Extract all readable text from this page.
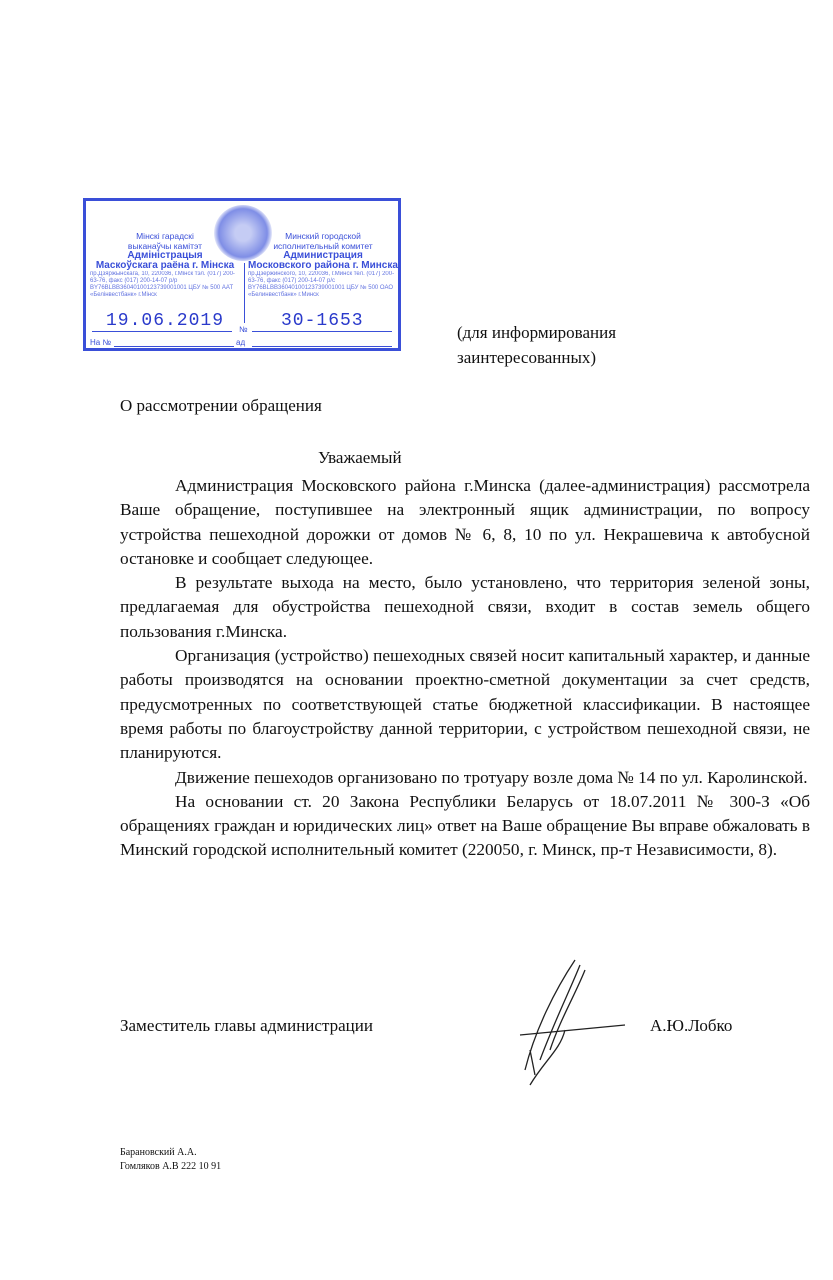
Мінскі гарадскі
выканаўчы камітэт
Адміністрацыя
Маскоўскага раёна г. Мінска
пр.Дзяржынскага, 10, 220036, г.Мінск тэл. (017) 200-63-76, факс (017) 200-14-07 р/р BY76BLBB36040100123739001001 ЦБУ № 500 ААТ «Белінвестбанк» г.Мінск
Минский городской
исполнительный комитет
Администрация
Московского района г. Минска
пр.Дзержинского, 10, 220036, г.Минск тел. (017) 200-63-76, факс (017) 200-14-07 р/с BY76BLBB36040100123739001001 ЦБУ № 500 ОАО «Белинвестбанк» г.Минск
19.06.2019 № 30-1653
На №	ад
(для информирования
заинтересованных)
О рассмотрении обращения
Уважаемый

Администрация Московского района г.Минска (далее-администрация) рассмотрела Ваше обращение, поступившее на электронный ящик администрации, по вопросу устройства пешеходной дорожки от домов № 6, 8, 10 по ул. Некрашевича к автобусной остановке и сообщает следующее.

В результате выхода на место, было установлено, что территория зеленой зоны, предлагаемая для обустройства пешеходной связи, входит в состав земель общего пользования г.Минска.

Организация (устройство) пешеходных связей носит капитальный характер, и данные работы производятся на основании проектно-сметной документации за счет средств, предусмотренных по соответствующей статье бюджетной классификации. В настоящее время работы по благоустройству данной территории, с устройством пешеходной связи, не планируются.

Движение пешеходов организовано по тротуару возле дома № 14 по ул. Каролинской.

На основании ст. 20 Закона Республики Беларусь от 18.07.2011 № 300-З «Об обращениях граждан и юридических лиц» ответ на Ваше обращение Вы вправе обжаловать в Минский городской исполнительный комитет (220050, г. Минск, пр-т Независимости, 8).

Заместитель главы администрации	А.Ю.Лобко
Барановский А.А.
Гомляков А.В 222 10 91
